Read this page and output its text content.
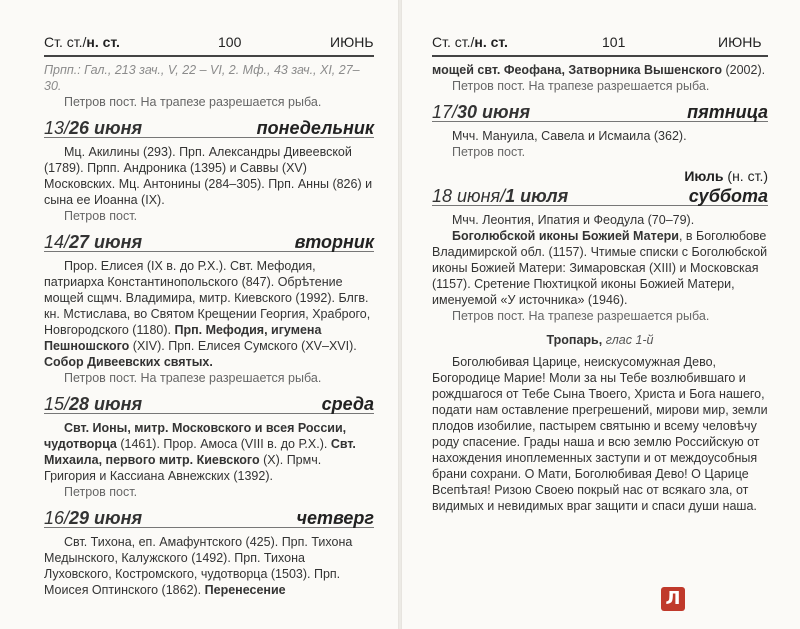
Ст. ст./н. ст.	100	ИЮНЬ

Прпп.: Гал., 213 зач., V, 22 – VI, 2. Мф., 43 зач., XI, 27–30.

Петров пост. На трапезе разрешается рыба.

13/26 июня	понедельник

Мц. Акилины (293). Прп. Александры Дивеевской (1789). Прпп. Андроника (1395) и Саввы (XV) Московских. Мц. Антонины (284–305). Прп. Анны (826) и сына ее Иоанна (IX).

Петров пост.

14/27 июня	вторник

Прор. Елисея (IX в. до Р.Х.). Свт. Мефодия, патриарха Константинопольского (847). Обрѣтение мощей сщмч. Владимира, митр. Киевского (1992). Блгв. кн. Мстислава, во Святом Крещении Георгия, Храброго, Новгородского (1180). Прп. Мефодия, игумена Пешношского (XIV). Прп. Елисея Сумского (XV–XVI). Собор Дивеевских святых.

Петров пост. На трапезе разрешается рыба.

15/28 июня	среда

Свт. Ионы, митр. Московского и всея России, чудотворца (1461). Прор. Амоса (VIII в. до Р.Х.). Свт. Михаила, первого митр. Киевского (X). Прмч. Григория и Кассиана Авнежских (1392).

Петров пост.

16/29 июня	четверг

Свт. Тихона, еп. Амафунтского (425). Прп. Тихона Медынского, Калужского (1492). Прп. Тихона Луховского, Костромского, чудотворца (1503). Прп. Моисея Оптинского (1862). Перенесение

Ст. ст./н. ст.	101	ИЮНЬ

мощей свт. Феофана, Затворника Вышенского (2002).

Петров пост. На трапезе разрешается рыба.

17/30 июня	пятница

Мчч. Мануила, Савела и Исмаила (362).

Петров пост.

Июль (н. ст.)
18 июня/1 июля	суббота

Мчч. Леонтия, Ипатия и Феодула (70–79).

Боголюбской иконы Божией Матери, в Боголюбове Владимирской обл. (1157). Чтимые списки с Боголюбской иконы Божией Матери: Зимаровская (XIII) и Московская (1157). Сретение Пюхтицкой иконы Божией Матери, именуемой «У источника» (1946).

Петров пост. На трапезе разрешается рыба.

Тропарь, глас 1-й

Боголюбивая Царице, неискусомужная Дево, Богородице Марие! Моли за ны Тебе возлюбившаго и рождшагося от Тебе Сына Твоего, Христа и Бога нашего, подати нам оставление прегрешений, мирови мир, земли плодов изобилие, пастырем святыню и всему человѣчу роду спасение. Грады наша и всю землю Российскую от нахождения иноплеменных заступи и от междоусобныя брани сохрани. О Мати, Боголюбивая Дево! О Царице Всепѣтая! Ризою Своею покрый нас от всякаго зла, от видимых и невидимых враг защити и спаси души наша.

Л
